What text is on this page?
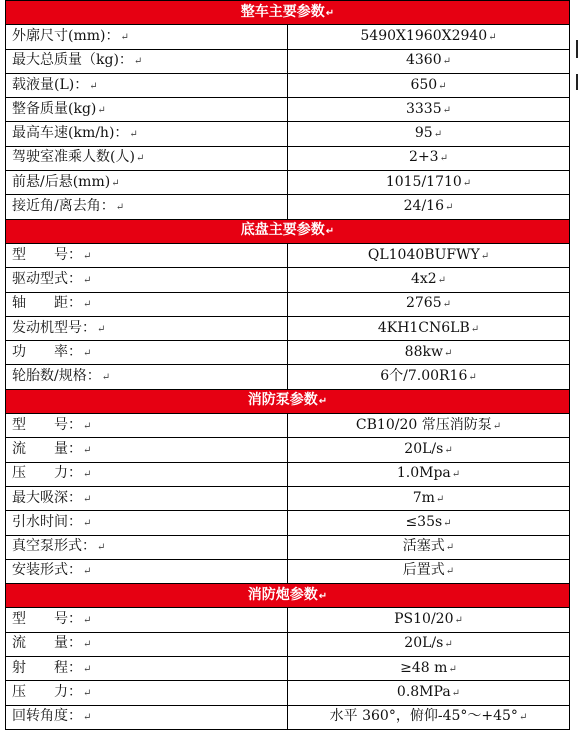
整车主要参数↵	
外廓尺寸(mm)：↵	5490X1960X2940↵
最大总质量（kg)：↵	4360↵
载液量(L)：↵	650↵
整备质量(kg)↵	3335↵
最高车速(km/h)：↵	95↵
驾驶室准乘人数(人)↵	2+3↵
前悬/后悬(mm)↵	1015/1710↵
接近角/离去角：↵	24/16↵
底盘主要参数↵	
型　　号：↵	QL1040BUFWY↵
驱动型式：↵	4x2↵
轴　　距：↵	2765↵
发动机型号：↵	4KH1CN6LB↵
功　　率：↵	88kw↵
轮胎数/规格：↵	6个/7.00R16↵
消防泵参数↵	
型　　号：↵	CB10/20 常压消防泵↵
流　　量：↵	20L/s↵
压　　力：↵	1.0Mpa↵
最大吸深：↵	7m↵
引水时间：↵	≤35s↵
真空泵形式：↵	活塞式↵
安装形式：↵	后置式↵
消防炮参数↵	
型　　号：↵	PS10/20↵
流　　量：↵	20L/s↵
射　　程：↵	≥48 m↵
压　　力：↵	0.8MPa↵
回转角度：↵	水平 360°，俯仰-45°～+45°↵
